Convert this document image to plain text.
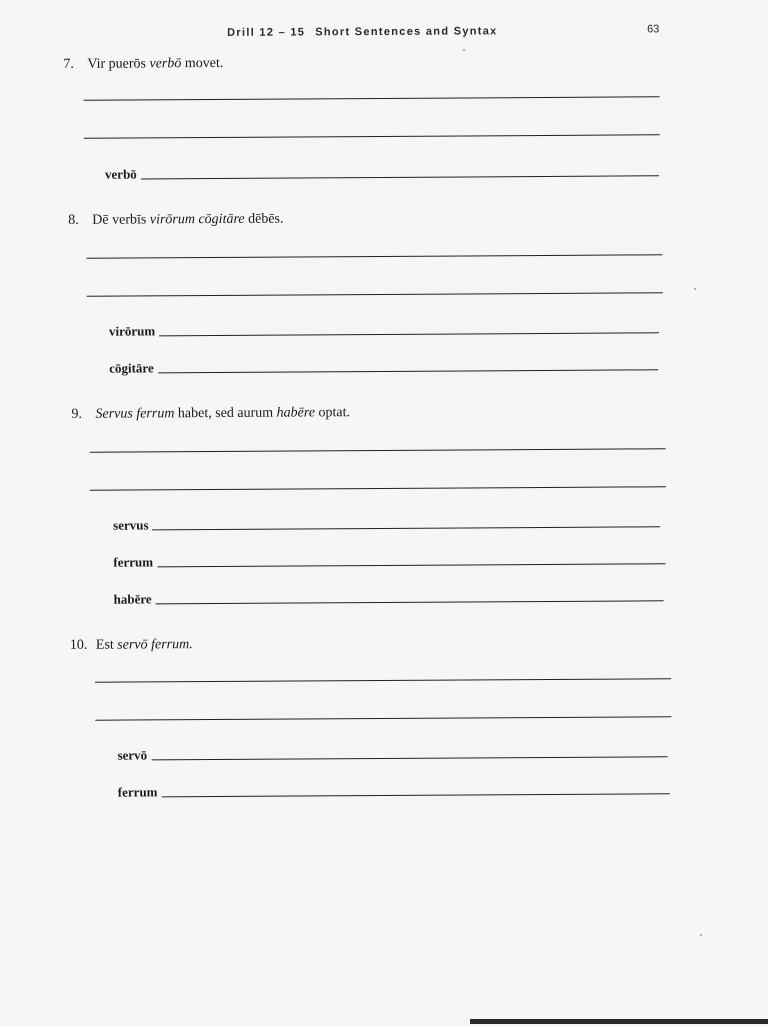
Drill 12 – 15 Short Sentences and Syntax	63
7. Vir puerōs verbō movet.
verbō
8. Dē verbīs virōrum cōgitāre dēbēs.
virōrum
cōgitāre
9. Servus ferrum habet, sed aurum habēre optat.
servus
ferrum
habēre
10. Est servō ferrum.
servō
ferrum
